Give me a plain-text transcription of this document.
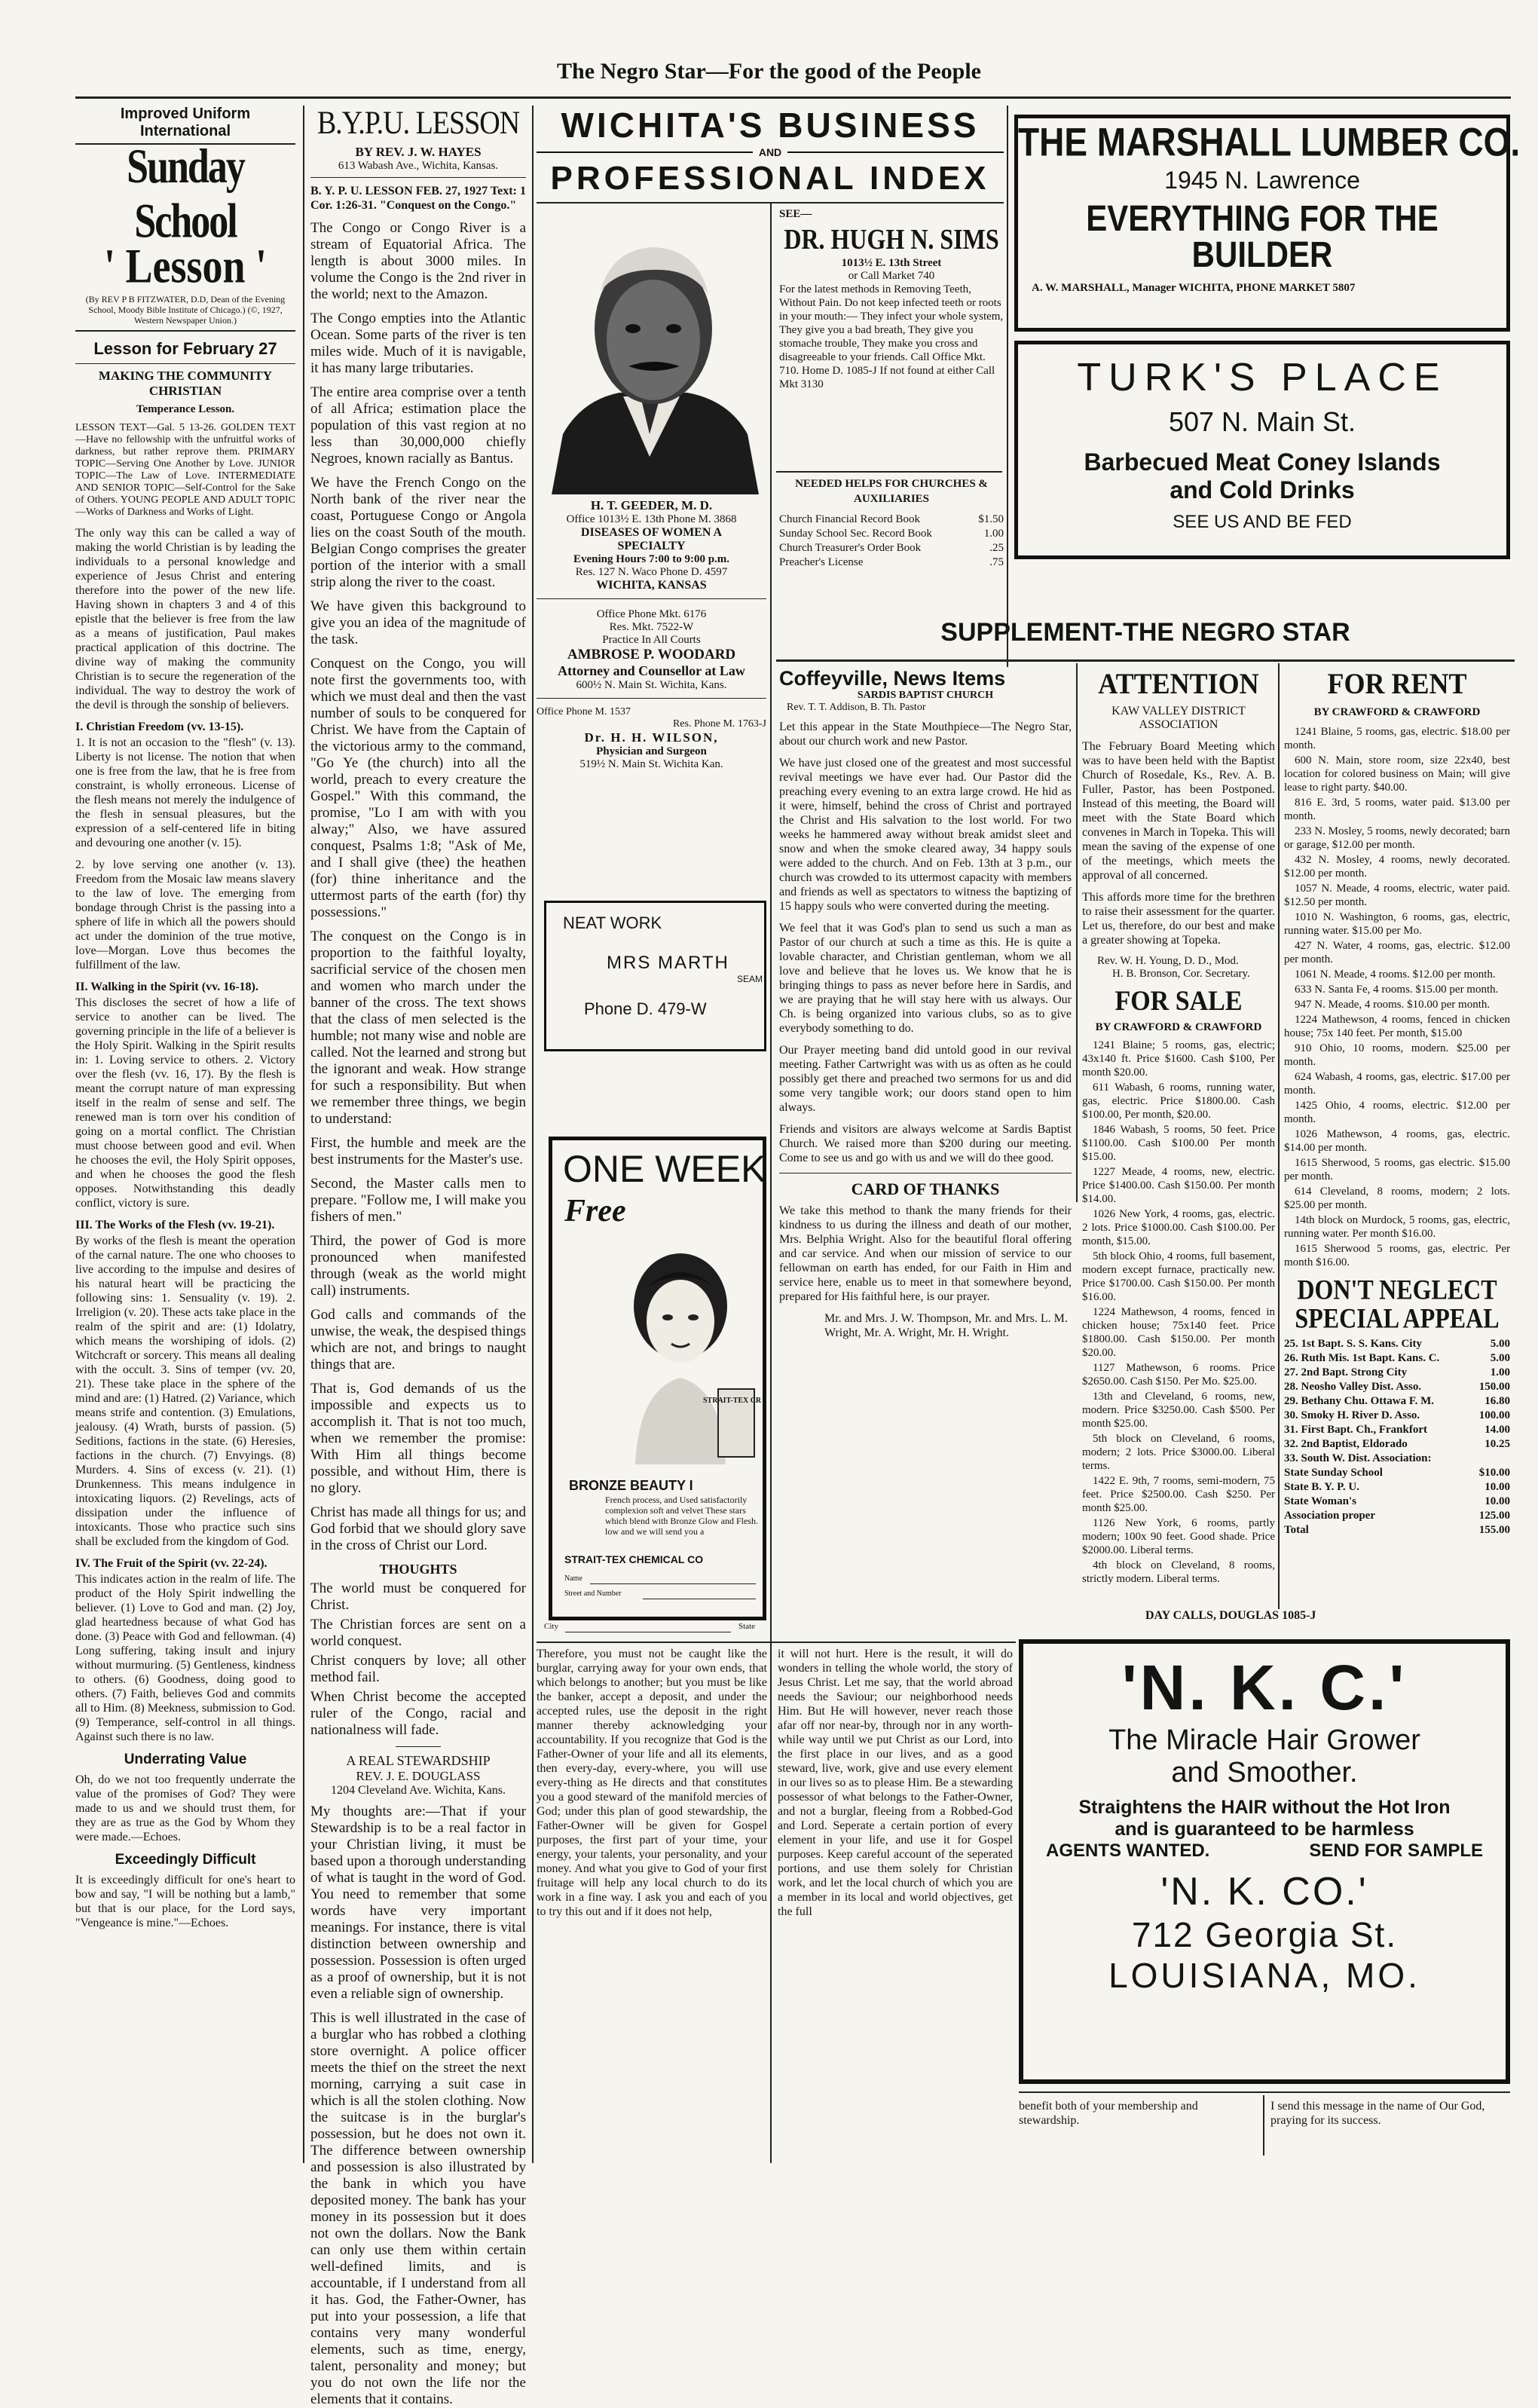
The Negro Star—For the good of the People
Improved Uniform International
Sunday School
' Lesson '
(By REV P B FITZWATER, D.D, Dean of the Evening School, Moody Bible Institute of Chicago.) (©, 1927, Western Newspaper Union.)
Lesson for February 27
MAKING THE COMMUNITY CHRISTIAN
Temperance Lesson.

LESSON TEXT—Gal. 5 13-26. GOLDEN TEXT—Have no fellowship with the unfruitful works of darkness, but rather reprove them. PRIMARY TOPIC—Serving One Another by Love. JUNIOR TOPIC—The Law of Love. INTERMEDIATE AND SENIOR TOPIC—Self-Control for the Sake of Others. YOUNG PEOPLE AND ADULT TOPIC—Works of Darkness and Works of Light.

The only way this can be called a way of making the world Christian is by leading the individuals to a personal knowledge and experience of Jesus Christ and entering therefore into the power of the new life. Having shown in chapters 3 and 4 of this epistle that the believer is free from the law as a means of justification, Paul makes practical application of this doctrine. The divine way of making the community Christian is to secure the regeneration of the individual. The way to destroy the work of the devil is through the sonship of believers.

I. Christian Freedom (vv. 13-15).

1. It is not an occasion to the "flesh" (v. 13). Liberty is not license. The notion that when one is free from the law, that he is free from constraint, is wholly erroneous. License of the flesh means not merely the indulgence of the flesh in sensual pleasures, but the expression of a self-centered life in biting and devouring one another (v. 15).

2. by love serving one another (v. 13). Freedom from the Mosaic law means slavery to the law of love. The emerging from bondage through Christ is the passing into a sphere of life in which all the powers should act under the dominion of the true motive, love—Morgan. Love thus becomes the fulfillment of the law.

II. Walking in the Spirit (vv. 16-18).

This discloses the secret of how a life of service to another can be lived. The governing principle in the life of a believer is the Holy Spirit. Walking in the Spirit results in: 1. Loving service to others. 2. Victory over the flesh (vv. 16, 17). By the flesh is meant the corrupt nature of man expressing itself in the realm of sense and self. The renewed man is torn over his condition of going on a mortal conflict. The Christian must choose between good and evil. When he chooses the evil, the Holy Spirit opposes, and when he chooses the good the flesh opposes. Notwithstanding this deadly conflict, victory is sure.

III. The Works of the Flesh (vv. 19-21).

By works of the flesh is meant the operation of the carnal nature. The one who chooses to live according to the impulse and desires of his natural heart will be practicing the following sins: 1. Sensuality (v. 19). 2. Irreligion (v. 20). These acts take place in the realm of the spirit and are: (1) Idolatry, which means the worshiping of idols. (2) Witchcraft or sorcery. This means all dealing with the occult. 3. Sins of temper (vv. 20, 21). These take place in the sphere of the mind and are: (1) Hatred. (2) Variance, which means strife and contention. (3) Emulations, jealousy. (4) Wrath, bursts of passion. (5) Seditions, factions in the state. (6) Heresies, factions in the church. (7) Envyings. (8) Murders. 4. Sins of excess (v. 21). (1) Drunkenness. This means indulgence in intoxicating liquors. (2) Revelings, acts of dissipation under the influence of intoxicants. Those who practice such sins shall be excluded from the kingdom of God.

IV. The Fruit of the Spirit (vv. 22-24).

This indicates action in the realm of life. The product of the Holy Spirit indwelling the believer. (1) Love to God and man. (2) Joy, glad heartedness because of what God has done. (3) Peace with God and fellowman. (4) Long suffering, taking insult and injury without murmuring. (5) Gentleness, kindness to others. (6) Goodness, doing good to others. (7) Faith, believes God and commits all to Him. (8) Meekness, submission to God. (9) Temperance, self-control in all things. Against such there is no law.

Underrating Value

Oh, do we not too frequently underrate the value of the promises of God? They were made to us and we should trust them, for they are as true as the God by Whom they were made.—Echoes.

Exceedingly Difficult

It is exceedingly difficult for one's heart to bow and say, "I will be nothing but a lamb," but that is our place, for the Lord says, "Vengeance is mine."—Echoes.

B.Y.P.U. LESSON
BY REV. J. W. HAYES
613 Wabash Ave., Wichita, Kansas.

B. Y. P. U. LESSON FEB. 27, 1927 Text: 1 Cor. 1:26-31. "Conquest on the Congo."

The Congo or Congo River is a stream of Equatorial Africa. The length is about 3000 miles. In volume the Congo is the 2nd river in the world; next to the Amazon.

The Congo empties into the Atlantic Ocean. Some parts of the river is ten miles wide. Much of it is navigable, it has many large tributaries.

The entire area comprise over a tenth of all Africa; estimation place the population of this vast region at no less than 30,000,000 chiefly Negroes, known racially as Bantus.

We have the French Congo on the North bank of the river near the coast, Portuguese Congo or Angola lies on the coast South of the mouth. Belgian Congo comprises the greater portion of the interior with a small strip along the river to the coast.

We have given this background to give you an idea of the magnitude of the task.

Conquest on the Congo, you will note first the governments too, with which we must deal and then the vast number of souls to be conquered for Christ. We have from the Captain of the victorious army to the command, "Go Ye (the church) into all the world, preach to every creature the Gospel." With this command, the promise, "Lo I am with with you alway;" Also, we have assured conquest, Psalms 1:8; "Ask of Me, and I shall give (thee) the heathen (for) thine inheritance and the uttermost parts of the earth (for) thy possessions."

The conquest on the Congo is in proportion to the faithful loyalty, sacrificial service of the chosen men and women who march under the banner of the cross. The text shows that the class of men selected is the humble; not many wise and noble are called. Not the learned and strong but the ignorant and weak. How strange for such a responsibility. But when we remember three things, we begin to understand:

First, the humble and meek are the best instruments for the Master's use.

Second, the Master calls men to prepare. "Follow me, I will make you fishers of men."

Third, the power of God is more pronounced when manifested through (weak as the world might call) instruments.

God calls and commands of the unwise, the weak, the despised things which are not, and brings to naught things that are.

That is, God demands of us the impossible and expects us to accomplish it. That is not too much, when we remember the promise: With Him all things become possible, and without Him, there is no glory.

Christ has made all things for us; and God forbid that we should glory save in the cross of Christ our Lord.

THOUGHTS

The world must be conquered for Christ.

The Christian forces are sent on a world conquest.

Christ conquers by love; all other method fail.

When Christ become the accepted ruler of the Congo, racial and nationalness will fade.

A REAL STEWARDSHIP
REV. J. E. DOUGLASS
1204 Cleveland Ave. Wichita, Kans.

My thoughts are:—That if your Stewardship is to be a real factor in your Christian living, it must be based upon a thorough understanding of what is taught in the word of God. You need to remember that some words have very important meanings. For instance, there is vital distinction between ownership and possession. Possession is often urged as a proof of ownership, but it is not even a reliable sign of ownership.

This is well illustrated in the case of a burglar who has robbed a clothing store overnight. A police officer meets the thief on the street the next morning, carrying a suit case in which is all the stolen clothing. Now the suitcase is in the burglar's possession, but he does not own it. The difference between ownership and possession is also illustrated by the bank in which you have deposited money. The bank has your money in its possession but it does not own the dollars. Now the Bank can only use them within certain well-defined limits, and is accountable, if I understand from all it has. God, the Father-Owner, has put into your possession, a life that contains very many wonderful elements, such as time, energy, talent, personality and money; but you do not own the life nor the elements that it contains.

WICHITA'S BUSINESS
AND
PROFESSIONAL INDEX
H. T. GEEDER, M. D.
Office 1013½ E. 13th Phone M. 3868
DISEASES OF WOMEN A SPECIALTY
Evening Hours 7:00 to 9:00 p.m.
Res. 127 N. Waco Phone D. 4597
WICHITA, KANSAS
Office Phone Mkt. 6176
Res. Mkt. 7522-W
Practice In All Courts
AMBROSE P. WOODARD
Attorney and Counsellor at Law
600½ N. Main St. Wichita, Kans.
Office Phone M. 1537
Res. Phone M. 1763-J
Dr. H. H. WILSON,
Physician and Surgeon
519½ N. Main St. Wichita Kan.
NEAT WORK
MRS MARTH
SEAM
Phone D. 479-W
ONE WEEK
Free
STRAIT-TEX CR
BRONZE BEAUTY I
French process, and Used satisfactorily complexion soft and velvet These stars which blend with Bronze Glow and Flesh. low and we will send you a
STRAIT-TEX CHEMICAL CO
Name
Street and Number
City	State
SEE—
DR. HUGH N. SIMS
1013½ E. 13th Street
or Call Market 740

For the latest methods in Removing Teeth, Without Pain. Do not keep infected teeth or roots in your mouth:— They infect your whole system, They give you a bad breath, They give you stomache trouble, They make you cross and disagreeable to your friends. Call Office Mkt. 710. Home D. 1085-J If not found at either Call Mkt 3130

NEEDED HELPS FOR CHURCHES & AUXILIARIES
Church Financial Record Book	$1.50
Sunday School Sec. Record Book	1.00
Church Treasurer's Order Book	.25
Preacher's License	.75
THE MARSHALL LUMBER CO.
1945 N. Lawrence
EVERYTHING FOR THE
BUILDER
A. W. MARSHALL, Manager WICHITA, PHONE MARKET 5807
TURK'S PLACE
507 N. Main St.
Barbecued Meat Coney Islands
and Cold Drinks
SEE US AND BE FED
SUPPLEMENT-THE NEGRO STAR
Coffeyville, News Items
SARDIS BAPTIST CHURCH
Rev. T. T. Addison, B. Th. Pastor

Let this appear in the State Mouthpiece—The Negro Star, about our church work and new Pastor.

We have just closed one of the greatest and most successful revival meetings we have ever had. Our Pastor did the preaching every evening to an extra large crowd. He hid as it were, himself, behind the cross of Christ and portrayed the Christ and His salvation to the lost world. For two weeks he hammered away without break amidst sleet and snow and when the smoke cleared away, 34 happy souls were added to the church. And on Feb. 13th at 3 p.m., our church was crowded to its uttermost capacity with members and friends as well as spectators to witness the baptizing of 15 happy souls who were converted during the meeting.

We feel that it was God's plan to send us such a man as Pastor of our church at such a time as this. He is quite a lovable character, and Christian gentleman, whom we all love and believe that he loves us. We know that he is bringing things to pass as never before here in Sardis, and we are praying that he will stay here with us always. Our Ch. is being organized into various clubs, so as to give everybody something to do.

Our Prayer meeting band did untold good in our revival meeting. Father Cartwright was with us as often as he could possibly get there and preached two sermons for us and did some very tangible work; our doors stand open to him always.

Friends and visitors are always welcome at Sardis Baptist Church. We raised more than $200 during our meeting. Come to see us and go with us and we will do thee good.

CARD OF THANKS

We take this method to thank the many friends for their kindness to us during the illness and death of our mother, Mrs. Belphia Wright. Also for the beautiful floral offering and car service. And when our mission of service to our fellowman on earth has ended, for our Faith in Him and service here, enable us to meet in that somewhere beyond, prepared for His faithful here, is our prayer.

Mr. and Mrs. J. W. Thompson, Mr. and Mrs. L. M. Wright, Mr. A. Wright, Mr. H. Wright.

ATTENTION
KAW VALLEY DISTRICT ASSOCIATION

The February Board Meeting which was to have been held with the Baptist Church of Rosedale, Ks., Rev. A. B. Fuller, Pastor, has been Postponed. Instead of this meeting, the Board will meet with the State Board which convenes in March in Topeka. This will mean the saving of the expense of one of the meetings, which meets the approval of all concerned.

This affords more time for the brethren to raise their assessment for the quarter. Let us, therefore, do our best and make a greater showing at Topeka.

Rev. W. H. Young, D. D., Mod.
H. B. Bronson, Cor. Secretary.
FOR SALE
BY CRAWFORD & CRAWFORD

1241 Blaine; 5 rooms, gas, electric; 43x140 ft. Price $1600. Cash $100, Per month $20.00.

611 Wabash, 6 rooms, running water, gas, electric. Price $1800.00. Cash $100.00, Per month, $20.00.

1846 Wabash, 5 rooms, 50 feet. Price $1100.00. Cash $100.00 Per month $15.00.

1227 Meade, 4 rooms, new, electric. Price $1400.00. Cash $150.00. Per month $14.00.

1026 New York, 4 rooms, gas, electric. 2 lots. Price $1000.00. Cash $100.00. Per month, $15.00.

5th block Ohio, 4 rooms, full basement, modern except furnace, practically new. Price $1700.00. Cash $150.00. Per month $16.00.

1224 Mathewson, 4 rooms, fenced in chicken house; 75x140 feet. Price $1800.00. Cash $150.00. Per month $20.00.

1127 Mathewson, 6 rooms. Price $2650.00. Cash $150. Per Mo. $25.00.

13th and Cleveland, 6 rooms, new, modern. Price $3250.00. Cash $500. Per month $25.00.

5th block on Cleveland, 6 rooms, modern; 2 lots. Price $3000.00. Liberal terms.

1422 E. 9th, 7 rooms, semi-modern, 75 feet. Price $2500.00. Cash $250. Per month $25.00.

1126 New York, 6 rooms, partly modern; 100x 90 feet. Good shade. Price $2000.00. Liberal terms.

4th block on Cleveland, 8 rooms, strictly modern. Liberal terms.

DAY CALLS, DOUGLAS 1085-J
FOR RENT
BY CRAWFORD & CRAWFORD

1241 Blaine, 5 rooms, gas, electric. $18.00 per month.

600 N. Main, store room, size 22x40, best location for colored business on Main; will give lease to right party. $40.00.

816 E. 3rd, 5 rooms, water paid. $13.00 per month.

233 N. Mosley, 5 rooms, newly decorated; barn or garage, $12.00 per month.

432 N. Mosley, 4 rooms, newly decorated. $12.00 per month.

1057 N. Meade, 4 rooms, electric, water paid. $12.50 per month.

1010 N. Washington, 6 rooms, gas, electric, running water. $15.00 per Mo.

427 N. Water, 4 rooms, gas, electric. $12.00 per month.

1061 N. Meade, 4 rooms. $12.00 per month.

633 N. Santa Fe, 4 rooms. $15.00 per month.

947 N. Meade, 4 rooms. $10.00 per month.

1224 Mathewson, 4 rooms, fenced in chicken house; 75x 140 feet. Per month, $15.00

910 Ohio, 10 rooms, modern. $25.00 per month.

624 Wabash, 4 rooms, gas, electric. $17.00 per month.

1425 Ohio, 4 rooms, electric. $12.00 per month.

1026 Mathewson, 4 rooms, gas, electric. $14.00 per month.

1615 Sherwood, 5 rooms, gas electric. $15.00 per month.

614 Cleveland, 8 rooms, modern; 2 lots. $25.00 per month.

14th block on Murdock, 5 rooms, gas, electric, running water. Per month $16.00.

1615 Sherwood 5 rooms, gas, electric. Per month $16.00.

DON'T NEGLECT
SPECIAL APPEAL
25. 1st Bapt. S. S. Kans. City	5.00
26. Ruth Mis. 1st Bapt. Kans. C.	5.00
27. 2nd Bapt. Strong City	1.00
28. Neosho Valley Dist. Asso.	150.00
29. Bethany Chu. Ottawa F. M.	16.80
30. Smoky H. River D. Asso.	100.00
31. First Bapt. Ch., Frankfort	14.00
32. 2nd Baptist, Eldorado	10.25
33. South W. Dist. Association:
State Sunday School	$10.00
State B. Y. P. U.	10.00
State Woman's	10.00
Association proper	125.00
Total	155.00
'N. K. C.'
The Miracle Hair Grower
and Smoother.
Straightens the HAIR without the Hot Iron
and is guaranteed to be harmless
AGENTS WANTED.	SEND FOR SAMPLE
'N. K. CO.'
712 Georgia St.
LOUISIANA, MO.

Therefore, you must not be caught like the burglar, carrying away for your own ends, that which belongs to another; but you must be like the banker, accept a deposit, and under the accepted rules, use the deposit in the right manner thereby acknowledging your accountability. If you recognize that God is the Father-Owner of your life and all its elements, then every-day, every-where, you will use every-thing as He directs and that constitutes you a good steward of the manifold mercies of God; under this plan of good stewardship, the Father-Owner will be given for Gospel purposes, the first part of your time, your energy, your talents, your personality, and your money. And what you give to God of your first fruitage will help any local church to do its work in a fine way. I ask you and each of you to try this out and if it does not help,

it will not hurt. Here is the result, it will do wonders in telling the whole world, the story of Jesus Christ. Let me say, that the world abroad needs the Saviour; our neighborhood needs Him. But He will however, never reach those afar off nor near-by, through nor in any worth-while way until we put Christ as our Lord, into the first place in our lives, and as a good steward, live, work, give and use every element in our lives so as to please Him. Be a stewarding possessor of what belongs to the Father-Owner, and not a burglar, fleeing from a Robbed-God and Lord. Seperate a certain portion of every element in your life, and use it for Gospel purposes. Keep careful account of the seperated portions, and use them solely for Christian work, and let the local church of which you are a member in its local and world objectives, get the full

benefit both of your membership and stewardship.

I send this message in the name of Our God, praying for its success.
